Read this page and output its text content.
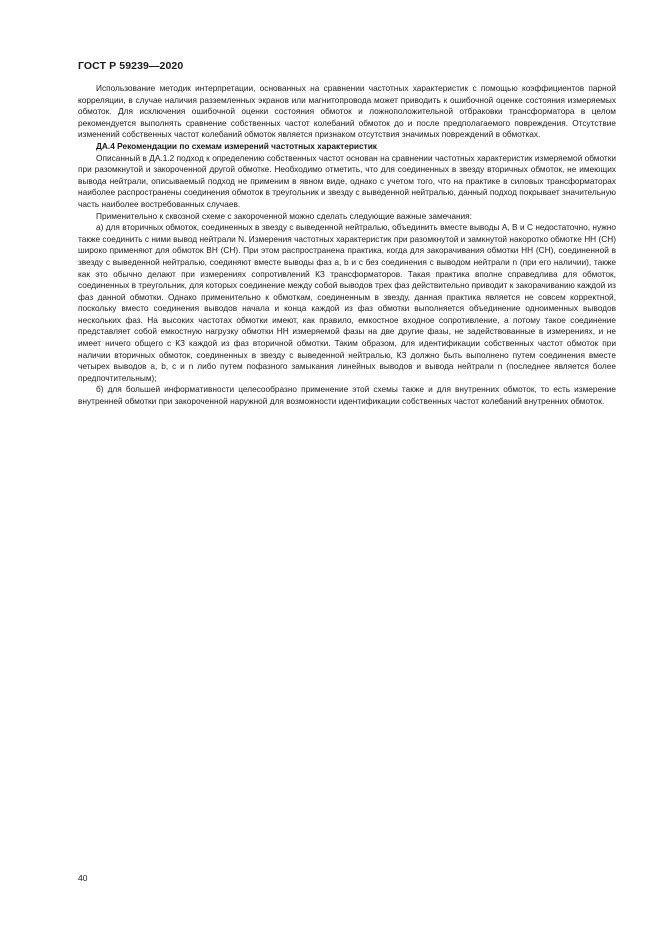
ГОСТ Р 59239—2020

Использование методик интерпретации, основанных на сравнении частотных характеристик с помощью коэффициентов парной корреляции, в случае наличия разземленных экранов или магнитопровода может приводить к ошибочной оценке состояния измеряемых обмоток. Для исключения ошибочной оценки состояния обмоток и ложноположительной отбраковки трансформатора в целом рекомендуется выполнять сравнение собственных частот колебаний обмоток до и после предполагаемого повреждения. Отсутствие изменений собственных частот колебаний обмоток является признаком отсутствия значимых повреждений в обмотках.

ДА.4 Рекомендации по схемам измерений частотных характеристик

Описанный в ДА.1.2 подход к определению собственных частот основан на сравнении частотных характеристик измеряемой обмотки при разомкнутой и закороченной другой обмотке. Необходимо отметить, что для соединенных в звезду вторичных обмоток, не имеющих вывода нейтрали, описываемый подход не применим в явном виде, однако с учетом того, что на практике в силовых трансформаторах наиболее распространены соединения обмоток в треугольник и звезду с выведенной нейтралью, данный подход покрывает значительную часть наиболее востребованных случаев.

Применительно к сквозной схеме с закороченной можно сделать следующие важные замечания:

а) для вторичных обмоток, соединенных в звезду с выведенной нейтралью, объединить вместе выводы А, В и С недостаточно, нужно также соединить с ними вывод нейтрали N. Измерения частотных характеристик при разомкнутой и замкнутой накоротко обмотке НН (СН) широко применяют для обмоток ВН (СН). При этом распространена практика, когда для закорачивания обмотки НН (СН), соединенной в звезду с выведенной нейтралью, соединяют вместе выводы фаз а, b и с без соединения с выводом нейтрали n (при его наличии), также как это обычно делают при измерениях сопротивлений КЗ трансформаторов. Такая практика вполне справедлива для обмоток, соединенных в треугольник, для которых соединение между собой выводов трех фаз действительно приводит к закорачиванию каждой из фаз данной обмотки. Однако применительно к обмоткам, соединенным в звезду, данная практика является не совсем корректной, поскольку вместо соединения выводов начала и конца каждой из фаз обмотки выполняется объединение одноименных выводов нескольких фаз. На высоких частотах обмотки имеют, как правило, емкостное входное сопротивление, а потому такое соединение представляет собой емкостную нагрузку обмотки НН измеряемой фазы на две другие фазы, не задействованные в измерениях, и не имеет ничего общего с КЗ каждой из фаз вторичной обмотки. Таким образом, для идентификации собственных частот обмоток при наличии вторичных обмоток, соединенных в звезду с выведенной нейтралью, КЗ должно быть выполнено путем соединения вместе четырех выводов а, b, с и n либо путем пофазного замыкания линейных выводов и вывода нейтрали n (последнее является более предпочтительным);

б) для большей информативности целесообразно применение этой схемы также и для внутренних обмоток, то есть измерение внутренней обмотки при закороченной наружной для возможности идентификации собственных частот колебаний внутренних обмоток.

40
